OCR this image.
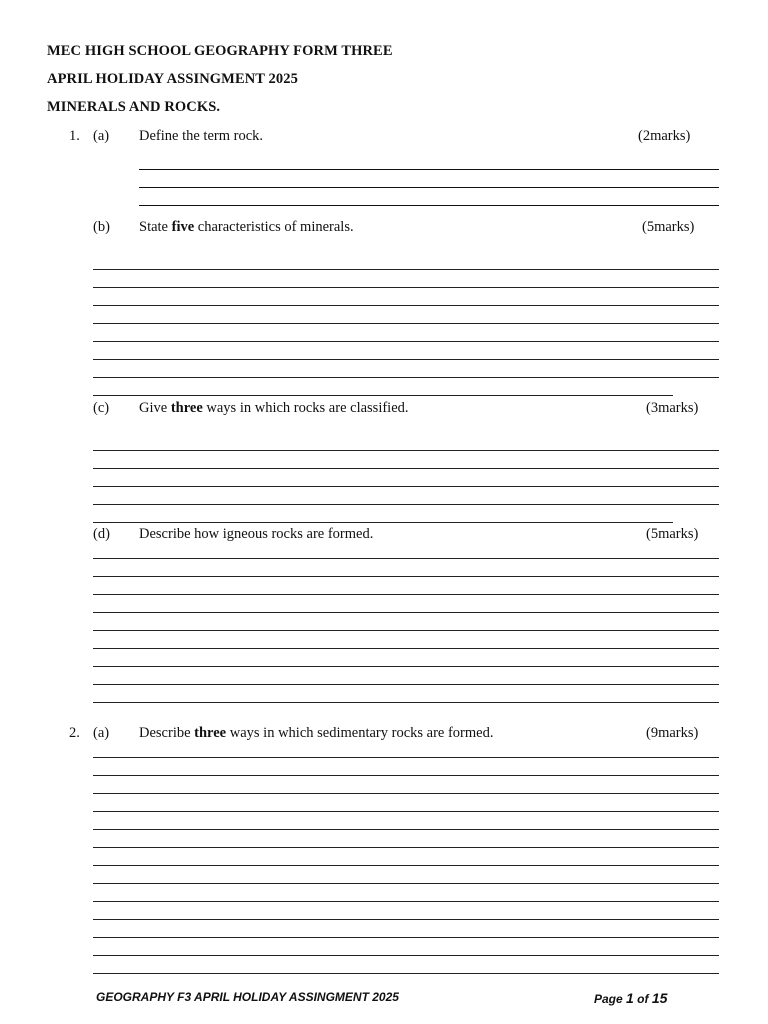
MEC HIGH SCHOOL GEOGRAPHY FORM THREE
APRIL HOLIDAY ASSINGMENT 2025
MINERALS AND ROCKS.
1. (a) Define the term rock.	(2marks)
(b) State five characteristics of minerals.	(5marks)
(c) Give three ways in which rocks are classified.	(3marks)
(d) Describe how igneous rocks are formed.	(5marks)
2. (a) Describe three ways in which sedimentary rocks are formed.	(9marks)
GEOGRAPHY F3 APRIL HOLIDAY ASSINGMENT 2025	Page 1 of 15
